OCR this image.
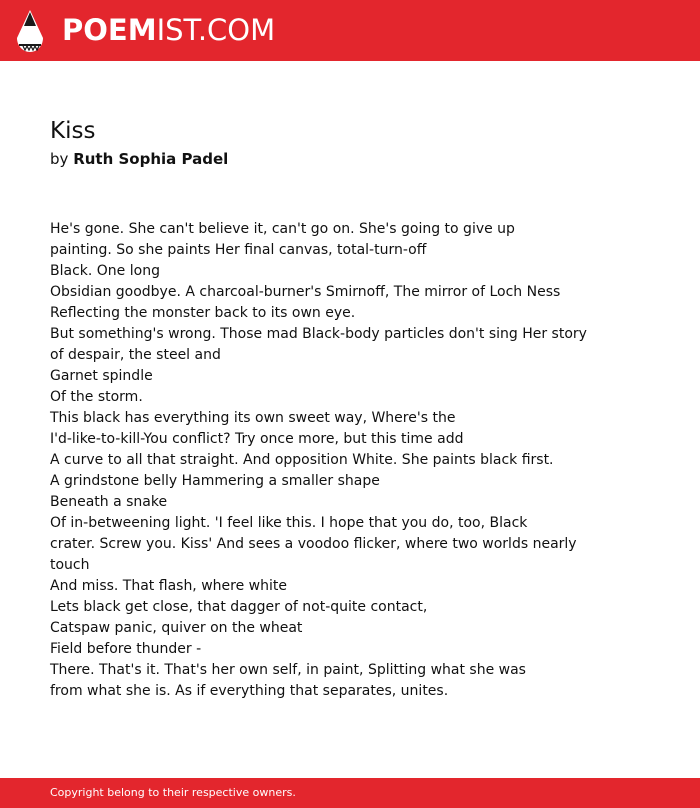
POEMIST.COM
Kiss
by Ruth Sophia Padel
He's gone. She can't believe it, can't go on. She's going to give up
painting. So she paints Her final canvas, total-turn-off
Black. One long
Obsidian goodbye. A charcoal-burner's Smirnoff, The mirror of Loch Ness
Reflecting the monster back to its own eye.
But something's wrong. Those mad Black-body particles don't sing Her story
of despair, the steel and
Garnet spindle
Of the storm.
This black has everything its own sweet way, Where's the
I'd-like-to-kill-You conflict? Try once more, but this time add
A curve to all that straight. And opposition White. She paints black first.
A grindstone belly Hammering a smaller shape
Beneath a snake
Of in-betweening light. 'I feel like this. I hope that you do, too, Black
crater. Screw you. Kiss' And sees a voodoo flicker, where two worlds nearly
touch
And miss. That flash, where white
Lets black get close, that dagger of not-quite contact,
Catspaw panic, quiver on the wheat
Field before thunder -
There. That's it. That's her own self, in paint, Splitting what she was
from what she is. As if everything that separates, unites.
Copyright belong to their respective owners.
